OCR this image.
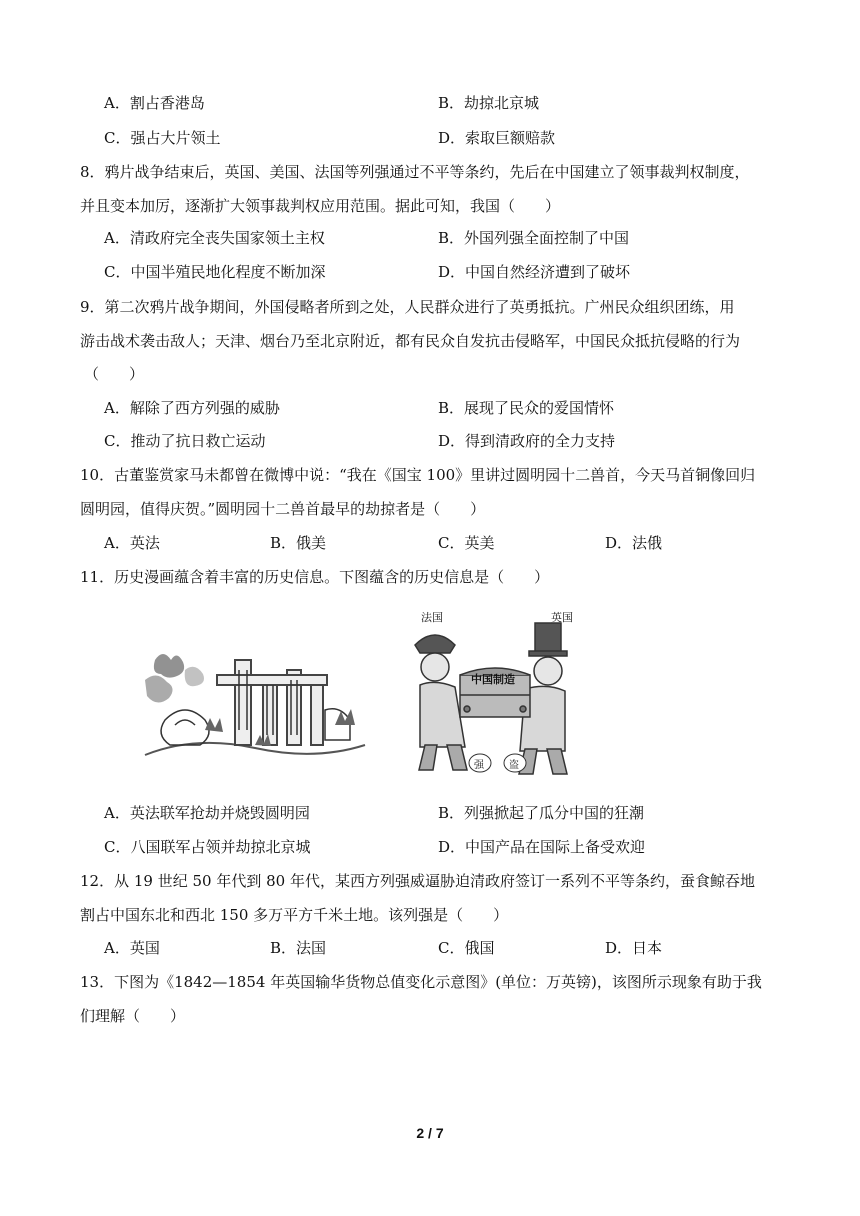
A．割占香港岛	B．劫掠北京城
C．强占大片领土	D．索取巨额赔款
8．鸦片战争结束后，英国、美国、法国等列强通过不平等条约，先后在中国建立了领事裁判权制度，
并且变本加厉，逐渐扩大领事裁判权应用范围。据此可知，我国（　　）
A．清政府完全丧失国家领土主权	B．外国列强全面控制了中国
C．中国半殖民地化程度不断加深	D．中国自然经济遭到了破坏
9．第二次鸦片战争期间，外国侵略者所到之处，人民群众进行了英勇抵抗。广州民众组织团练，用
游击战术袭击敌人；天津、烟台乃至北京附近，都有民众自发抗击侵略军，中国民众抵抗侵略的行为
（　　）
A．解除了西方列强的威胁	B．展现了民众的爱国情怀
C．推动了抗日救亡运动	D．得到清政府的全力支持
10．古董鉴赏家马未都曾在微博中说：“我在《国宝 100》里讲过圆明园十二兽首，今天马首铜像回归
圆明园，值得庆贺。”圆明园十二兽首最早的劫掠者是（　　）
A．英法	B．俄美	C．英美	D．法俄
11．历史漫画蕴含着丰富的历史信息。下图蕴含的历史信息是（　　）
法国	英国
中国制造
强	盗
A．英法联军抢劫并烧毁圆明园	B．列强掀起了瓜分中国的狂潮
C．八国联军占领并劫掠北京城	D．中国产品在国际上备受欢迎
12．从 19 世纪 50 年代到 80 年代，某西方列强威逼胁迫清政府签订一系列不平等条约，蚕食鲸吞地
割占中国东北和西北 150 多万平方千米土地。该列强是（　　）
A．英国	B．法国	C．俄国	D．日本
13．下图为《1842—1854 年英国输华货物总值变化示意图》(单位：万英镑)，该图所示现象有助于我
们理解（　　）
2 / 7
